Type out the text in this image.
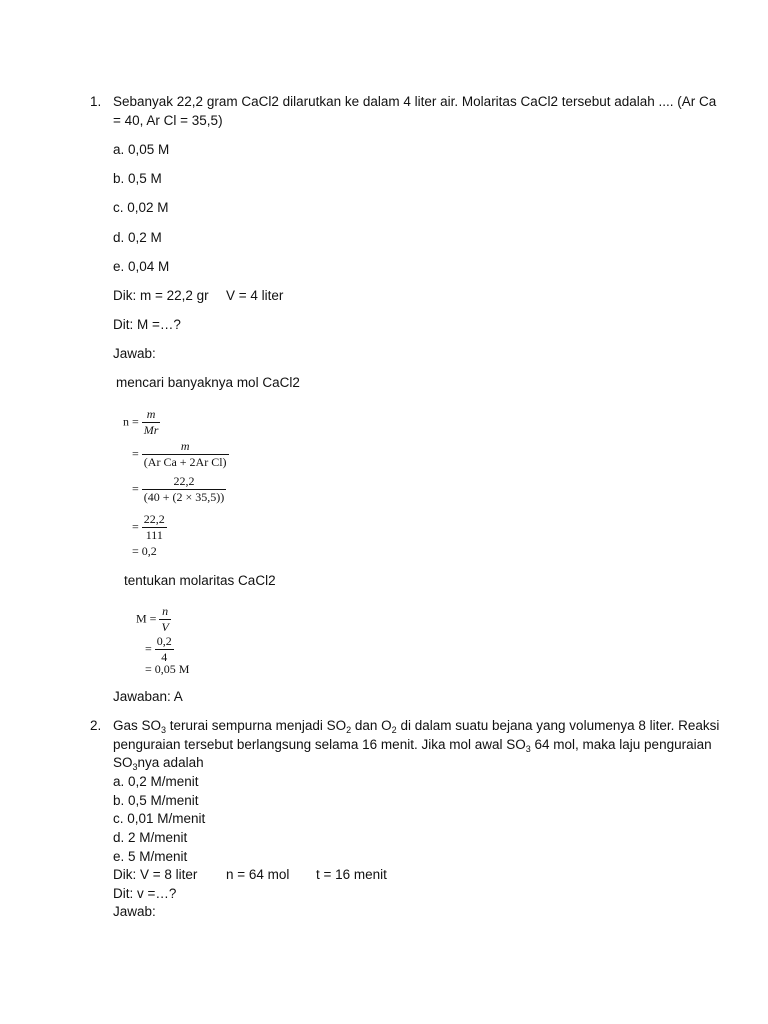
1. Sebanyak 22,2 gram CaCl2 dilarutkan ke dalam 4 liter air. Molaritas CaCl2 tersebut adalah .... (Ar Ca
= 40, Ar Cl = 35,5)
a. 0,05 M
b. 0,5 M
c. 0,02 M
d. 0,2 M
e. 0,04 M
Dik: m = 22,2 gr V = 4 liter
Dit: M =…?
Jawab:
mencari banyaknya mol CaCl2
$n = \frac{m}{Mr}$
= $\frac{m}{\text{(Ar Ca + 2Ar Cl)}}$
= $\frac{22,2}{(40 + (2 \times 35,5))}$
= $\frac{22,2}{111}$
= 0,2
tentukan molaritas CaCl2
$M = \frac{n}{V}$
= $\frac{0,2}{4}$
= 0,05 M
Jawaban: A
2. Gas $SO_3$ terurai sempurna menjadi $SO_2$ dan $O_2$ di dalam suatu bejana yang volumenya 8 liter. Reaksi
penguraian tersebut berlangsung selama 16 menit. Jika mol awal $SO_3$ 64 mol, maka laju penguraian
$SO_3nya$ adalah
a. 0,2 M/menit
b. 0,5 M/menit
c. 0,01 M/menit
d. 2 M/menit
e. 5 M/menit
Dik: V = 8 liter n = 64 mol t = 16 menit
Dit: v =…?
Jawab:
